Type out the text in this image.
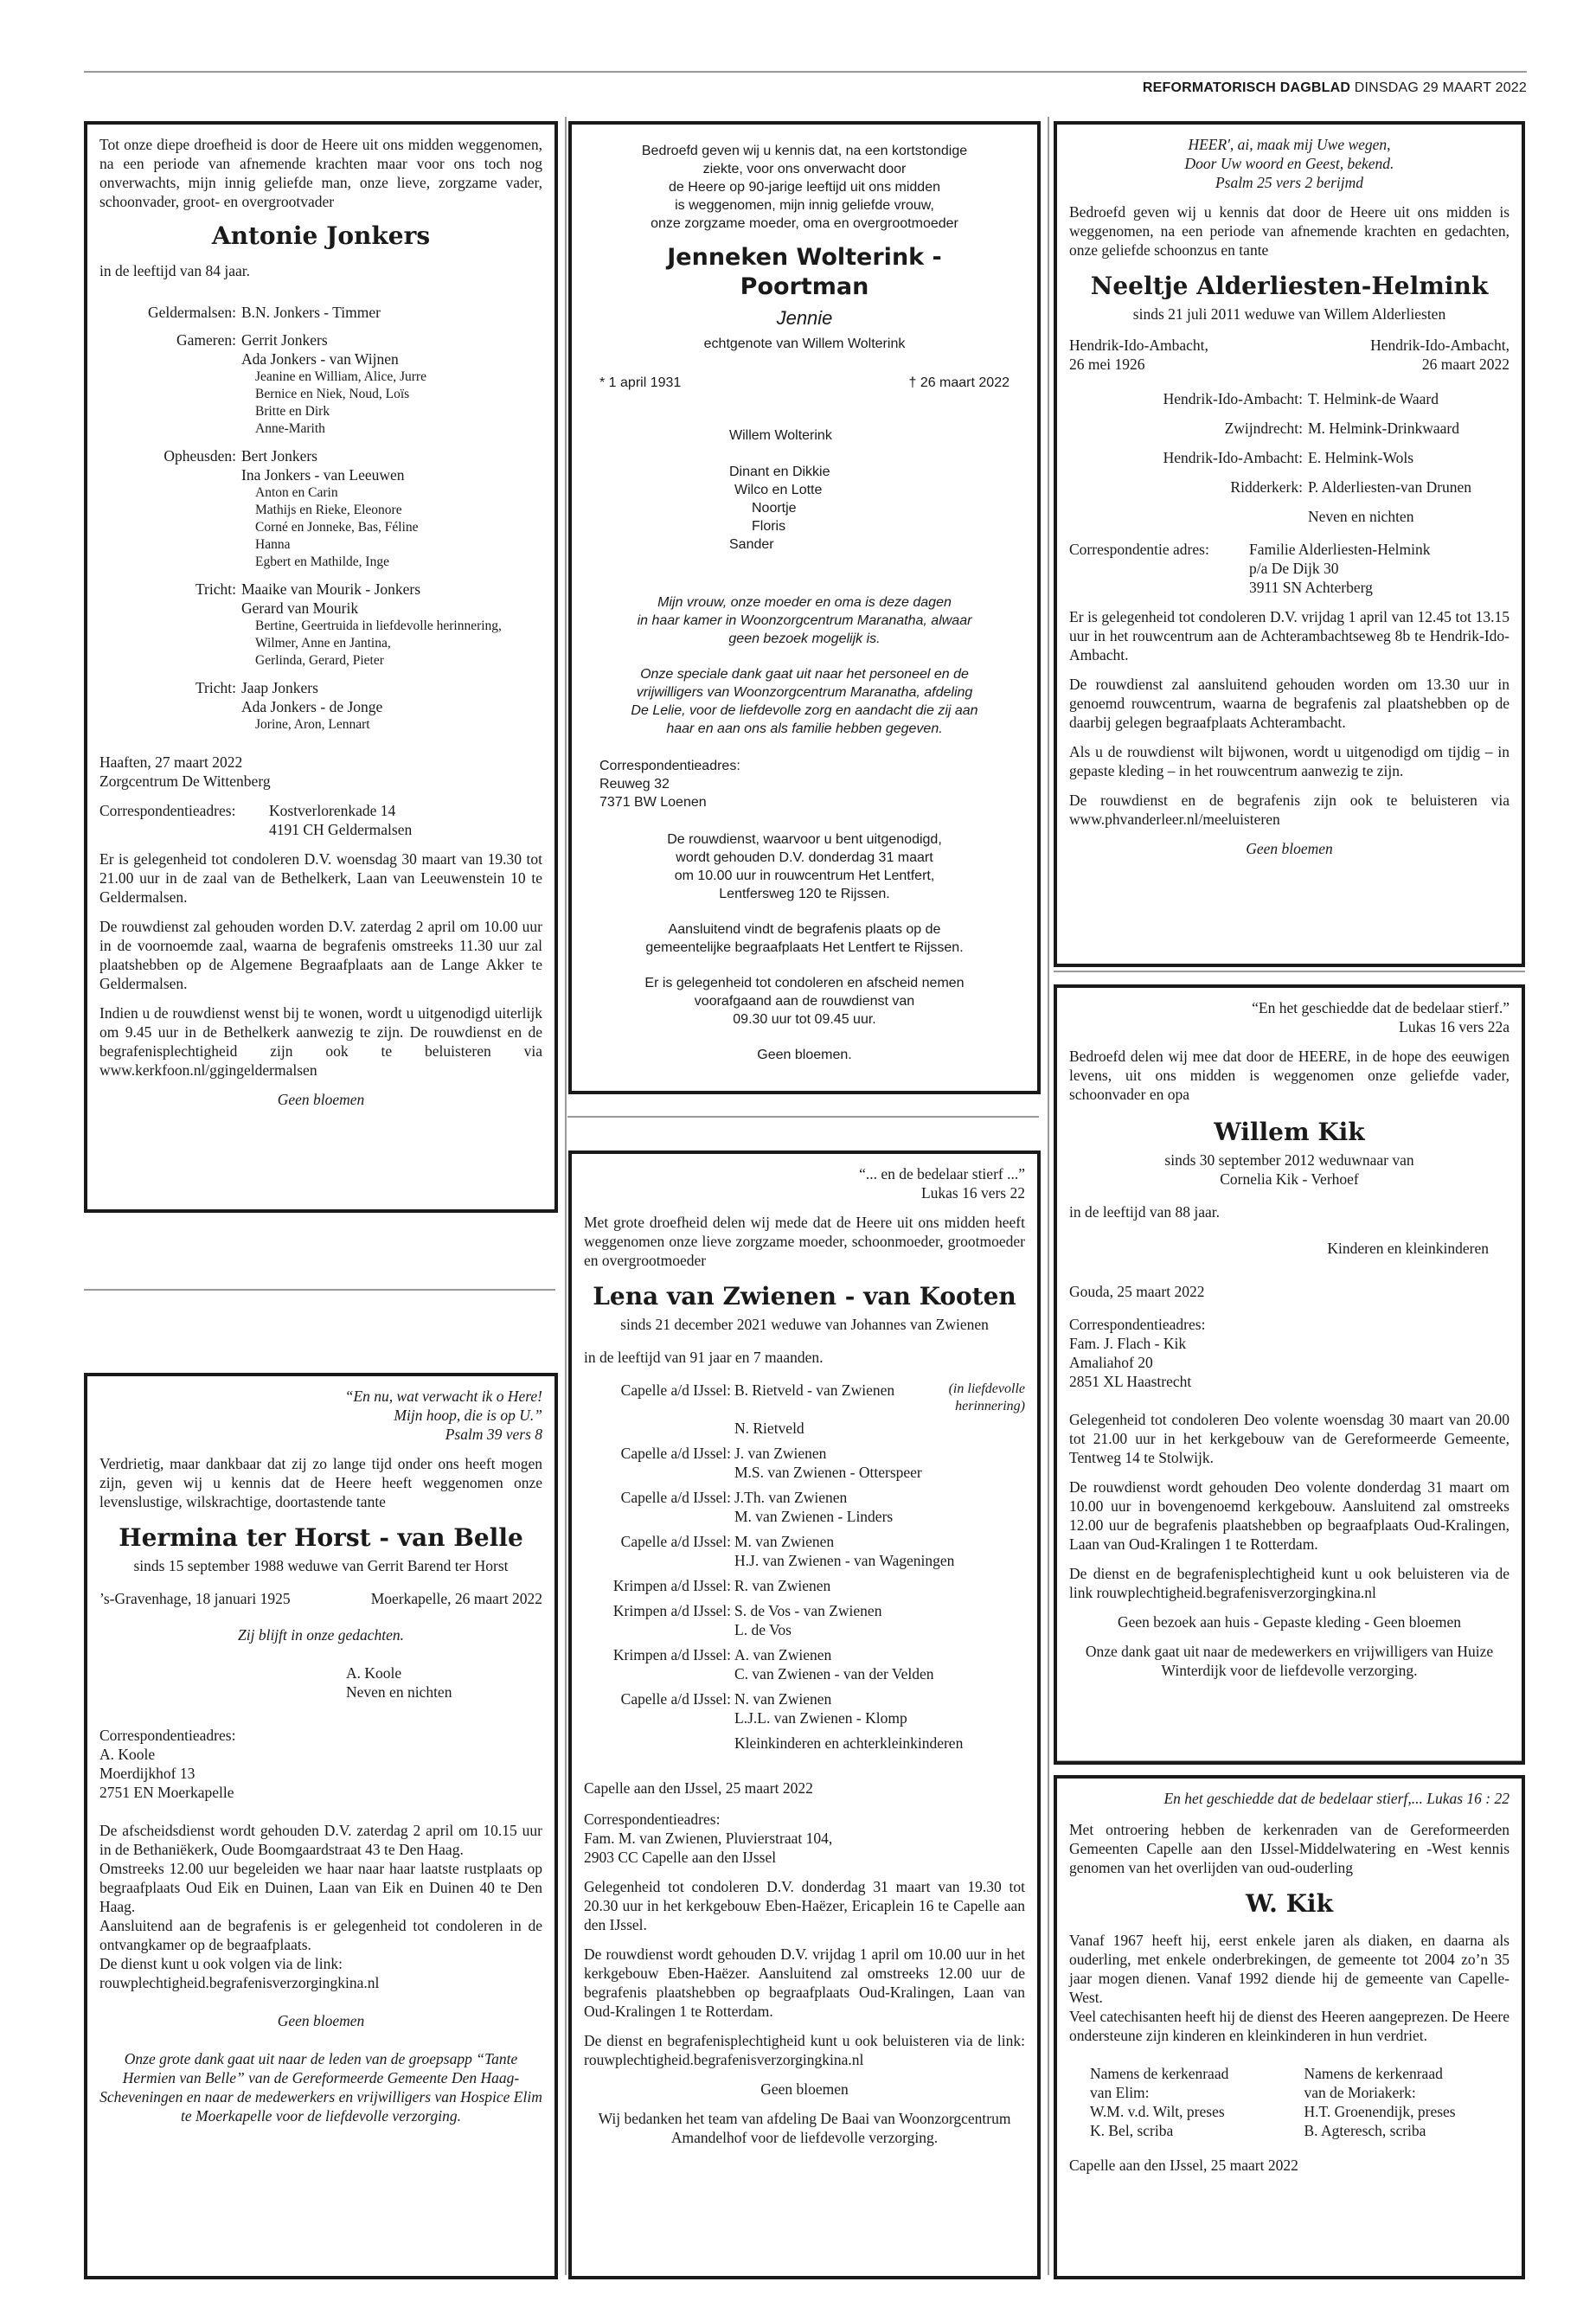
REFORMATORISCH DAGBLAD DINSDAG 29 MAART 2022

Tot onze diepe droefheid is door de Heere uit ons midden weggenomen, na een periode van afnemende krachten maar voor ons toch nog onverwachts, mijn innig geliefde man, onze lieve, zorgzame vader, schoonvader, groot- en overgrootvader

Antonie Jonkers

in de leeftijd van 84 jaar.

Geldermalsen: B.N. Jonkers - Timmer
Gameren: Gerrit Jonkers
Ada Jonkers - van Wijnen
Jeanine en William, Alice, Jurre
Bernice en Niek, Noud, Loïs
Britte en Dirk
Anne-Marith
Opheusden: Bert Jonkers
Ina Jonkers - van Leeuwen
Anton en Carin
Mathijs en Rieke, Eleonore
Corné en Jonneke, Bas, Féline
Hanna
Egbert en Mathilde, Inge
Tricht: Maaike van Mourik - Jonkers
Gerard van Mourik
Bertine, Geertruida in liefdevolle herinnering,
Wilmer, Anne en Jantina,
Gerlinda, Gerard, Pieter
Tricht: Jaap Jonkers
Ada Jonkers - de Jonge
Jorine, Aron, Lennart
Haaften, 27 maart 2022
Zorgcentrum De Wittenberg
Correspondentieadres:	Kostverlorenkade 14
4191 CH Geldermalsen

Er is gelegenheid tot condoleren D.V. woensdag 30 maart van 19.30 tot 21.00 uur in de zaal van de Bethelkerk, Laan van Leeuwenstein 10 te Geldermalsen.

De rouwdienst zal gehouden worden D.V. zaterdag 2 april om 10.00 uur in de voornoemde zaal, waarna de begrafenis omstreeks 11.30 uur zal plaatshebben op de Algemene Begraafplaats aan de Lange Akker te Geldermalsen.

Indien u de rouwdienst wenst bij te wonen, wordt u uitgenodigd uiterlijk om 9.45 uur in de Bethelkerk aanwezig te zijn. De rouwdienst en de begrafenisplechtigheid zijn ook te beluisteren via www.kerkfoon.nl/ggingeldermalsen

Geen bloemen
Bedroefd geven wij u kennis dat, na een kortstondige
ziekte, voor ons onverwacht door
de Heere op 90-jarige leeftijd uit ons midden
is weggenomen, mijn innig geliefde vrouw,
onze zorgzame moeder, oma en overgrootmoeder
Jenneken Wolterink - Poortman
Jennie
echtgenote van Willem Wolterink
* 1 april 1931	† 26 maart 2022
Willem Wolterink

Dinant en Dikkie
Wilco en Lotte
Noortje
Floris
Sander
Mijn vrouw, onze moeder en oma is deze dagen
in haar kamer in Woonzorgcentrum Maranatha, alwaar
geen bezoek mogelijk is.
Onze speciale dank gaat uit naar het personeel en de
vrijwilligers van Woonzorgcentrum Maranatha, afdeling
De Lelie, voor de liefdevolle zorg en aandacht die zij aan
haar en aan ons als familie hebben gegeven.
Correspondentieadres:
Reuweg 32
7371 BW Loenen
De rouwdienst, waarvoor u bent uitgenodigd,
wordt gehouden D.V. donderdag 31 maart
om 10.00 uur in rouwcentrum Het Lentfert,
Lentfersweg 120 te Rijssen.
Aansluitend vindt de begrafenis plaats op de
gemeentelijke begraafplaats Het Lentfert te Rijssen.
Er is gelegenheid tot condoleren en afscheid nemen
voorafgaand aan de rouwdienst van
09.30 uur tot 09.45 uur.
Geen bloemen.
HEER', ai, maak mij Uwe wegen,
Door Uw woord en Geest, bekend.
Psalm 25 vers 2 berijmd

Bedroefd geven wij u kennis dat door de Heere uit ons midden is weggenomen, na een periode van afnemende krachten en gedachten, onze geliefde schoonzus en tante

Neeltje Alderliesten-Helmink
sinds 21 juli 2011 weduwe van Willem Alderliesten
Hendrik-Ido-Ambacht,
26 mei 1926
Hendrik-Ido-Ambacht,
26 maart 2022
Hendrik-Ido-Ambacht: T. Helmink-de Waard
Zwijndrecht: M. Helmink-Drinkwaard
Hendrik-Ido-Ambacht: E. Helmink-Wols
Ridderkerk: P. Alderliesten-van Drunen
Neven en nichten
Correspondentie adres:	Familie Alderliesten-Helmink
p/a De Dijk 30
3911 SN Achterberg

Er is gelegenheid tot condoleren D.V. vrijdag 1 april van 12.45 tot 13.15 uur in het rouwcentrum aan de Achterambachtseweg 8b te Hendrik-Ido-Ambacht.

De rouwdienst zal aansluitend gehouden worden om 13.30 uur in genoemd rouwcentrum, waarna de begrafenis zal plaatshebben op de daarbij gelegen begraafplaats Achterambacht.

Als u de rouwdienst wilt bijwonen, wordt u uitgenodigd om tijdig – in gepaste kleding – in het rouwcentrum aanwezig te zijn.

De rouwdienst en de begrafenis zijn ook te beluisteren via www.phvanderleer.nl/meeluisteren

Geen bloemen
“En het geschiedde dat de bedelaar stierf.”
Lukas 16 vers 22a

Bedroefd delen wij mee dat door de HEERE, in de hope des eeuwigen levens, uit ons midden is weggenomen onze geliefde vader, schoonvader en opa

Willem Kik
sinds 30 september 2012 weduwnaar van
Cornelia Kik - Verhoef
in de leeftijd van 88 jaar.
Kinderen en kleinkinderen
Gouda, 25 maart 2022
Correspondentieadres:
Fam. J. Flach - Kik
Amaliahof 20
2851 XL Haastrecht

Gelegenheid tot condoleren Deo volente woensdag 30 maart van 20.00 tot 21.00 uur in het kerkgebouw van de Gereformeerde Gemeente, Tentweg 14 te Stolwijk.

De rouwdienst wordt gehouden Deo volente donderdag 31 maart om 10.00 uur in bovengenoemd kerkgebouw. Aansluitend zal omstreeks 12.00 uur de begrafenis plaatshebben op begraafplaats Oud-Kralingen, Laan van Oud-Kralingen 1 te Rotterdam.

De dienst en de begrafenisplechtigheid kunt u ook beluisteren via de link rouwplechtigheid.begrafenisverzorgingkina.nl

Geen bezoek aan huis - Gepaste kleding - Geen bloemen
Onze dank gaat uit naar de medewerkers en vrijwilligers van Huize Winterdijk voor de liefdevolle verzorging.
“... en de bedelaar stierf ...”
Lukas 16 vers 22

Met grote droefheid delen wij mede dat de Heere uit ons midden heeft weggenomen onze lieve zorgzame moeder, schoonmoeder, grootmoeder en overgrootmoeder

Lena van Zwienen - van Kooten
sinds 21 december 2021 weduwe van Johannes van Zwienen
in de leeftijd van 91 jaar en 7 maanden.
Capelle a/d IJssel: B. Rietveld - van Zwienen	(in liefdevolle herinnering)
N. Rietveld
Capelle a/d IJssel: J. van Zwienen
M.S. van Zwienen - Otterspeer
Capelle a/d IJssel: J.Th. van Zwienen
M. van Zwienen - Linders
Capelle a/d IJssel: M. van Zwienen
H.J. van Zwienen - van Wageningen
Krimpen a/d IJssel: R. van Zwienen
Krimpen a/d IJssel: S. de Vos - van Zwienen
L. de Vos
Krimpen a/d IJssel: A. van Zwienen
C. van Zwienen - van der Velden
Capelle a/d IJssel: N. van Zwienen
L.J.L. van Zwienen - Klomp
Kleinkinderen en achterkleinkinderen
Capelle aan den IJssel, 25 maart 2022
Correspondentieadres:
Fam. M. van Zwienen, Pluvierstraat 104,
2903 CC Capelle aan den IJssel

Gelegenheid tot condoleren D.V. donderdag 31 maart van 19.30 tot 20.30 uur in het kerkgebouw Eben-Haëzer, Ericaplein 16 te Capelle aan den IJssel.

De rouwdienst wordt gehouden D.V. vrijdag 1 april om 10.00 uur in het kerkgebouw Eben-Haëzer. Aansluitend zal omstreeks 12.00 uur de begrafenis plaatshebben op begraafplaats Oud-Kralingen, Laan van Oud-Kralingen 1 te Rotterdam.

De dienst en begrafenisplechtigheid kunt u ook beluisteren via de link: rouwplechtigheid.begrafenisverzorgingkina.nl

Geen bloemen
Wij bedanken het team van afdeling De Baai van Woonzorgcentrum Amandelhof voor de liefdevolle verzorging.
“En nu, wat verwacht ik o Here!
Mijn hoop, die is op U.”
Psalm 39 vers 8

Verdrietig, maar dankbaar dat zij zo lange tijd onder ons heeft mogen zijn, geven wij u kennis dat de Heere heeft weggenomen onze levenslustige, wilskrachtige, doortastende tante

Hermina ter Horst - van Belle
sinds 15 september 1988 weduwe van Gerrit Barend ter Horst
’s-Gravenhage, 18 januari 1925	Moerkapelle, 26 maart 2022
Zij blijft in onze gedachten.
A. Koole
Neven en nichten
Correspondentieadres:
A. Koole
Moerdijkhof 13
2751 EN Moerkapelle
De afscheidsdienst wordt gehouden D.V. zaterdag 2 april om 10.15 uur in de Bethaniëkerk, Oude Boomgaardstraat 43 te Den Haag.
Omstreeks 12.00 uur begeleiden we haar naar haar laatste rustplaats op begraafplaats Oud Eik en Duinen, Laan van Eik en Duinen 40 te Den Haag.
Aansluitend aan de begrafenis is er gelegenheid tot condoleren in de ontvangkamer op de begraafplaats.
De dienst kunt u ook volgen via de link:
rouwplechtigheid.begrafenisverzorgingkina.nl
Geen bloemen
Onze grote dank gaat uit naar de leden van de groepsapp “Tante Hermien van Belle” van de Gereformeerde Gemeente Den Haag-Scheveningen en naar de medewerkers en vrijwilligers van Hospice Elim te Moerkapelle voor de liefdevolle verzorging.
En het geschiedde dat de bedelaar stierf,... Lukas 16 : 22

Met ontroering hebben de kerkenraden van de Gereformeerden Gemeenten Capelle aan den IJssel-Middelwatering en -West kennis genomen van het overlijden van oud-ouderling

W. Kik
Vanaf 1967 heeft hij, eerst enkele jaren als diaken, en daarna als ouderling, met enkele onderbrekingen, de gemeente tot 2004 zo’n 35 jaar mogen dienen. Vanaf 1992 diende hij de gemeente van Capelle-West.
Veel catechisanten heeft hij de dienst des Heeren aangeprezen. De Heere ondersteune zijn kinderen en kleinkinderen in hun verdriet.
Namens de kerkenraad
van Elim:
W.M. v.d. Wilt, preses
K. Bel, scriba
Namens de kerkenraad
van de Moriakerk:
H.T. Groenendijk, preses
B. Agteresch, scriba
Capelle aan den IJssel, 25 maart 2022
